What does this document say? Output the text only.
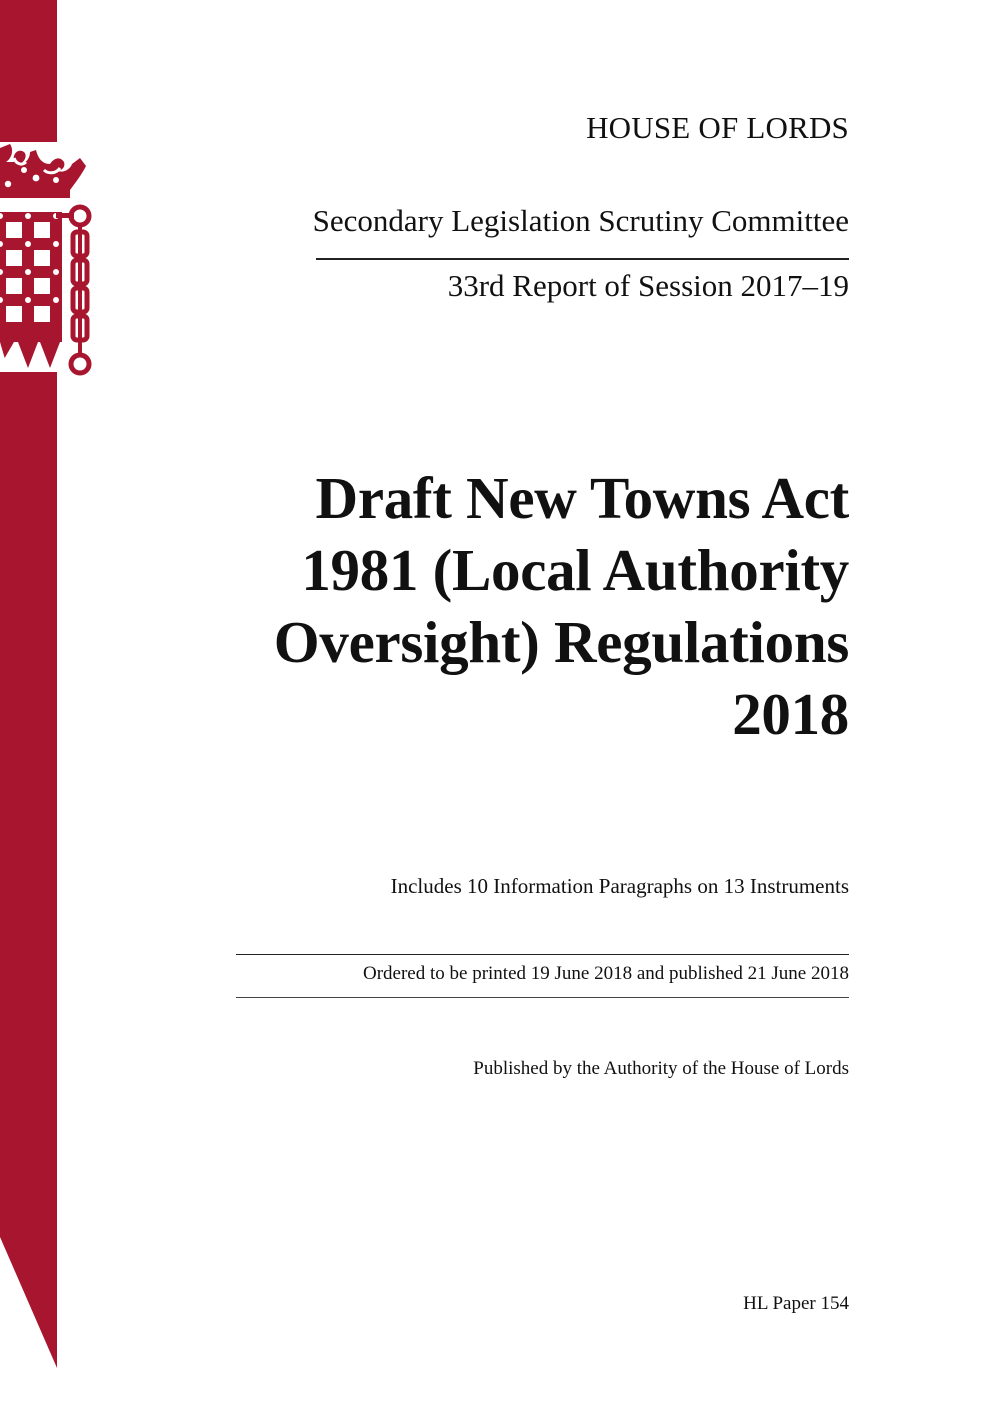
HOUSE OF LORDS

Secondary Legislation Scrutiny Committee

33rd Report of Session 2017–19

Draft New Towns Act
1981 (Local Authority
Oversight) Regulations
2018

Includes 10 Information Paragraphs on 13 Instruments

Ordered to be printed 19 June 2018 and published 21 June 2018

Published by the Authority of the House of Lords

HL Paper 154
